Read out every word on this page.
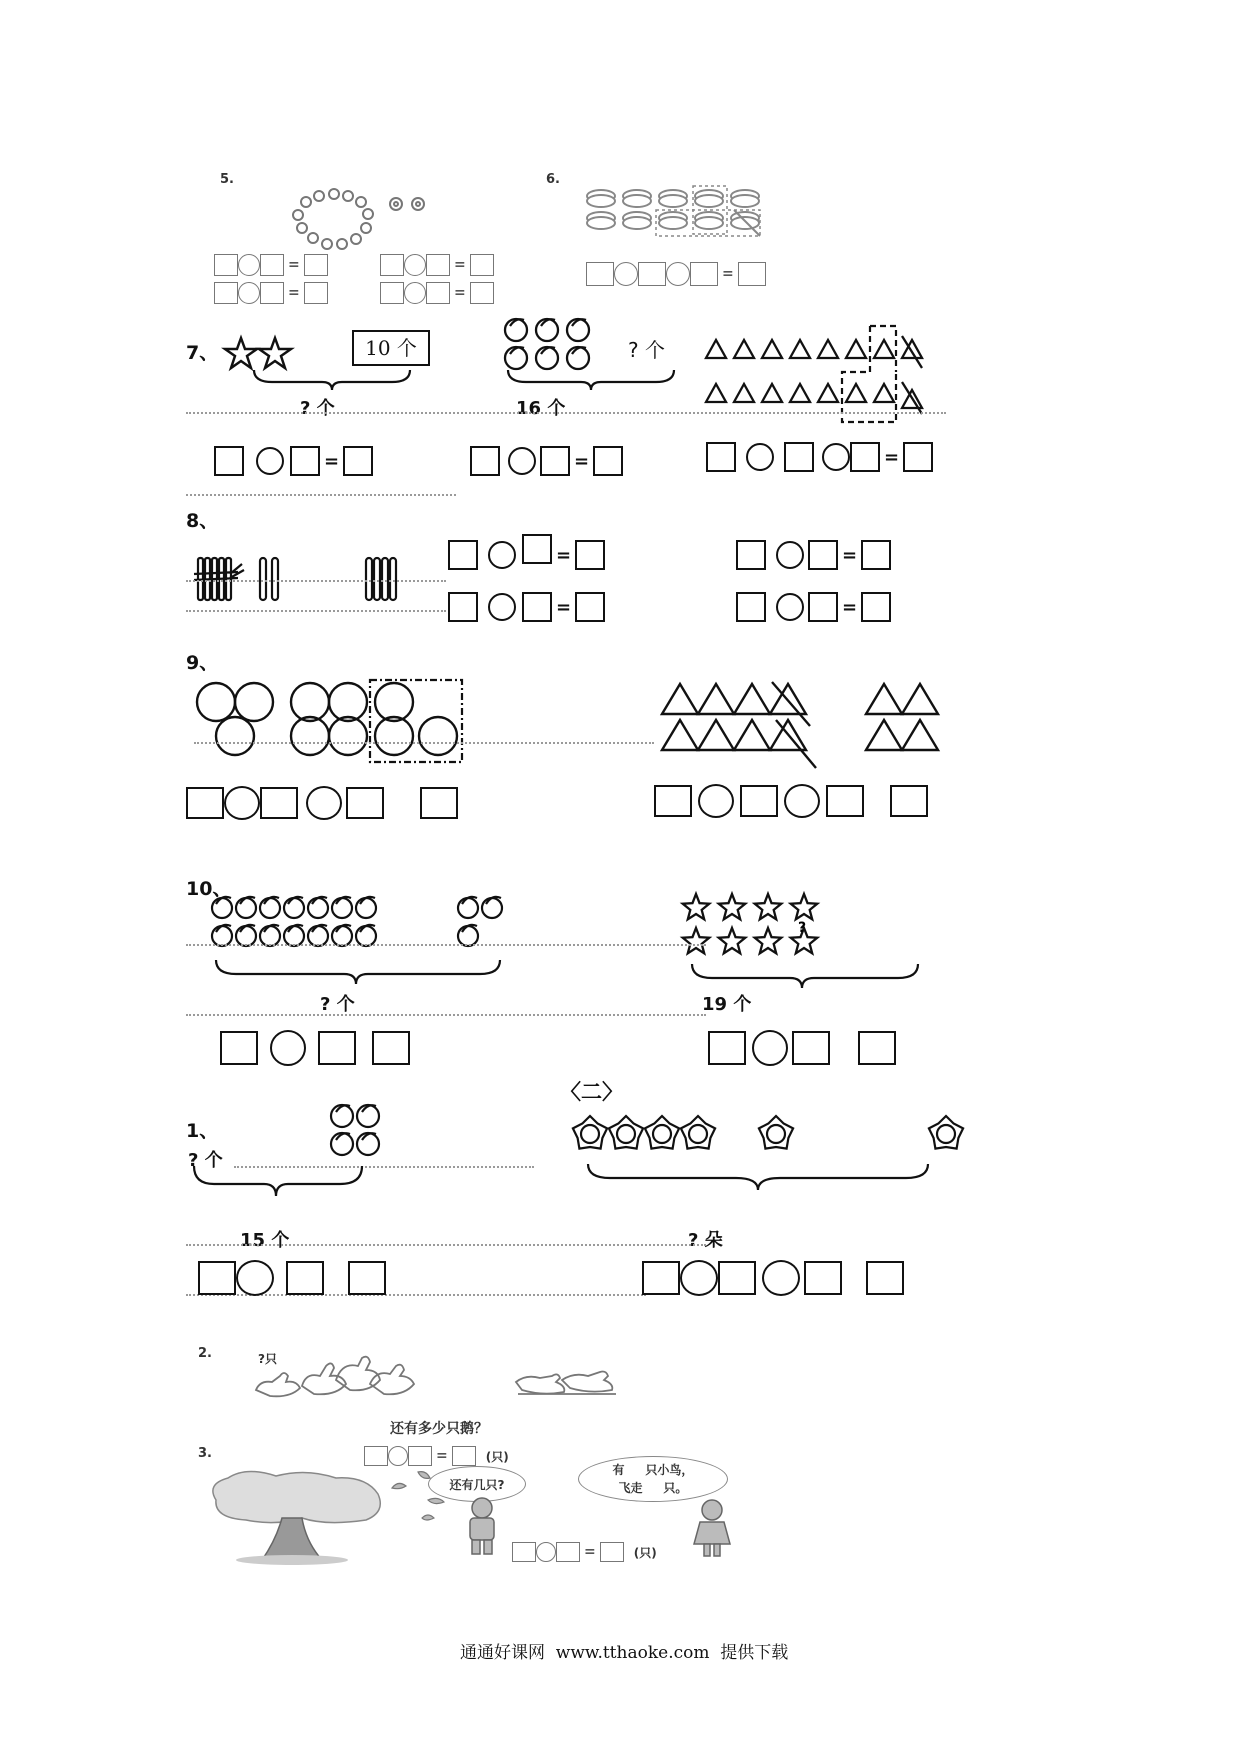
5.
=	=
=	=
6.
=
7、	10 个
? 个
? 个
16 个
=	=	=
8、
=
=
=
=
9、
10、
? 个
?
19 个
〈二〉
1、
? 个
15 个	? 朵
2.	?只
还有多少只鹅？
=	(只)
3.
还有几只?
有     只小鸟，
飞走     只。
=	(只)
通通好课网  www.tthaoke.com  提供下载
